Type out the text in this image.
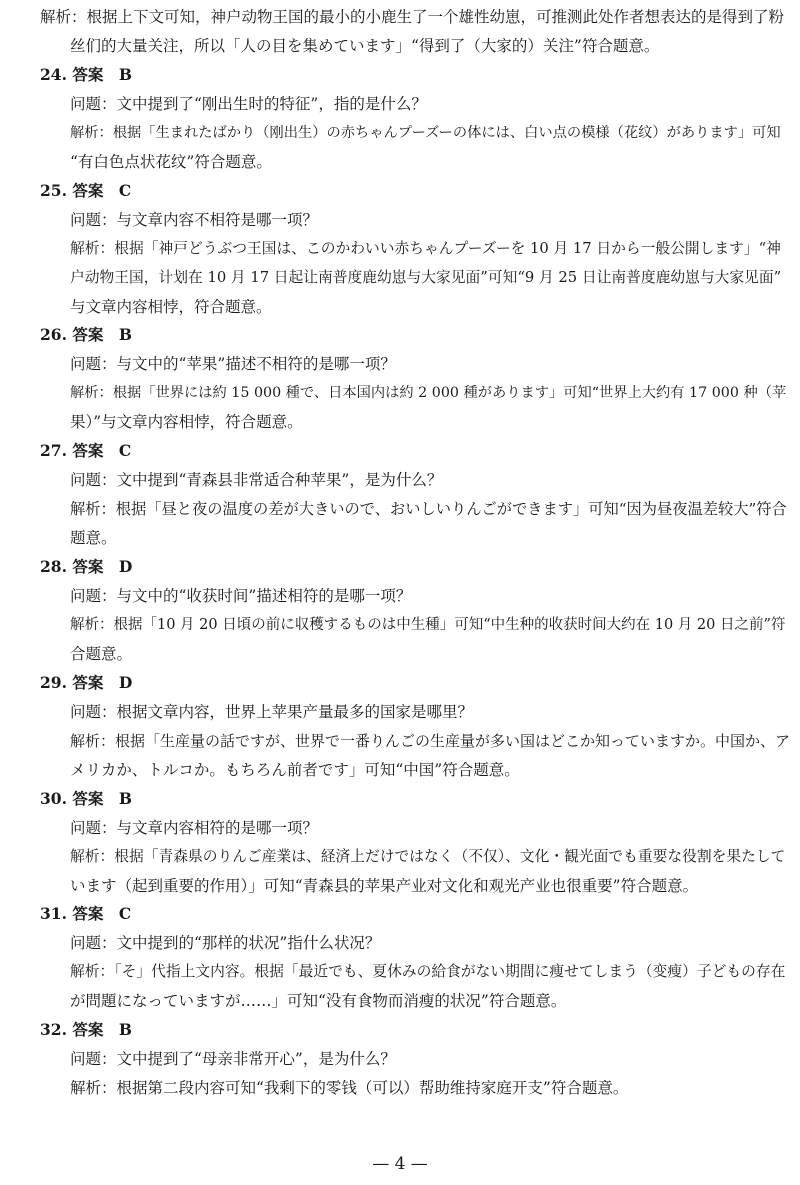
解析：根据上下文可知，神户动物王国的最小的小鹿生了一个雄性幼崽，可推测此处作者想表达的是得到了粉
丝们的大量关注，所以「人の目を集めています」“得到了（大家的）关注”符合题意。
24. 答案　B
问题：文中提到了“刚出生时的特征”，指的是什么？
解析：根据「生まれたばかり（刚出生）の赤ちゃんプーズーの体には、白い点の模様（花纹）があります」可知
“有白色点状花纹”符合题意。
25. 答案　C
问题：与文章内容不相符是哪一项？
解析：根据「神戸どうぶつ王国は、このかわいい赤ちゃんプーズーを 10 月 17 日から一般公開します」“神
户动物王国，计划在 10 月 17 日起让南普度鹿幼崽与大家见面”可知“9 月 25 日让南普度鹿幼崽与大家见面”
与文章内容相悖，符合题意。
26. 答案　B
问题：与文中的“苹果”描述不相符的是哪一项？
解析：根据「世界には約 15 000 種で、日本国内は約 2 000 種があります」可知“世界上大约有 17 000 种（苹
果）”与文章内容相悖，符合题意。
27. 答案　C
问题：文中提到“青森县非常适合种苹果”，是为什么？
解析：根据「昼と夜の温度の差が大きいので、おいしいりんごができます」可知“因为昼夜温差较大”符合
题意。
28. 答案　D
问题：与文中的“收获时间”描述相符的是哪一项？
解析：根据「10 月 20 日頃の前に収穫するものは中生種」可知“中生种的收获时间大约在 10 月 20 日之前”符
合题意。
29. 答案　D
问题：根据文章内容，世界上苹果产量最多的国家是哪里？
解析：根据「生産量の話ですが、世界で一番りんごの生産量が多い国はどこか知っていますか。中国か、ア
メリカか、トルコか。もちろん前者です」可知“中国”符合题意。
30. 答案　B
问题：与文章内容相符的是哪一项？
解析：根据「青森県のりんご産業は、経済上だけではなく（不仅）、文化・観光面でも重要な役割を果たして
います（起到重要的作用）」可知“青森县的苹果产业对文化和观光产业也很重要”符合题意。
31. 答案　C
问题：文中提到的“那样的状况”指什么状况？
解析：「そ」代指上文内容。根据「最近でも、夏休みの給食がない期間に痩せてしまう（变瘦）子どもの存在
が問題になっていますが……」可知“没有食物而消瘦的状况”符合题意。
32. 答案　B
问题：文中提到了“母亲非常开心”，是为什么？
解析：根据第二段内容可知“我剩下的零钱（可以）帮助维持家庭开支”符合题意。
— 4 —
